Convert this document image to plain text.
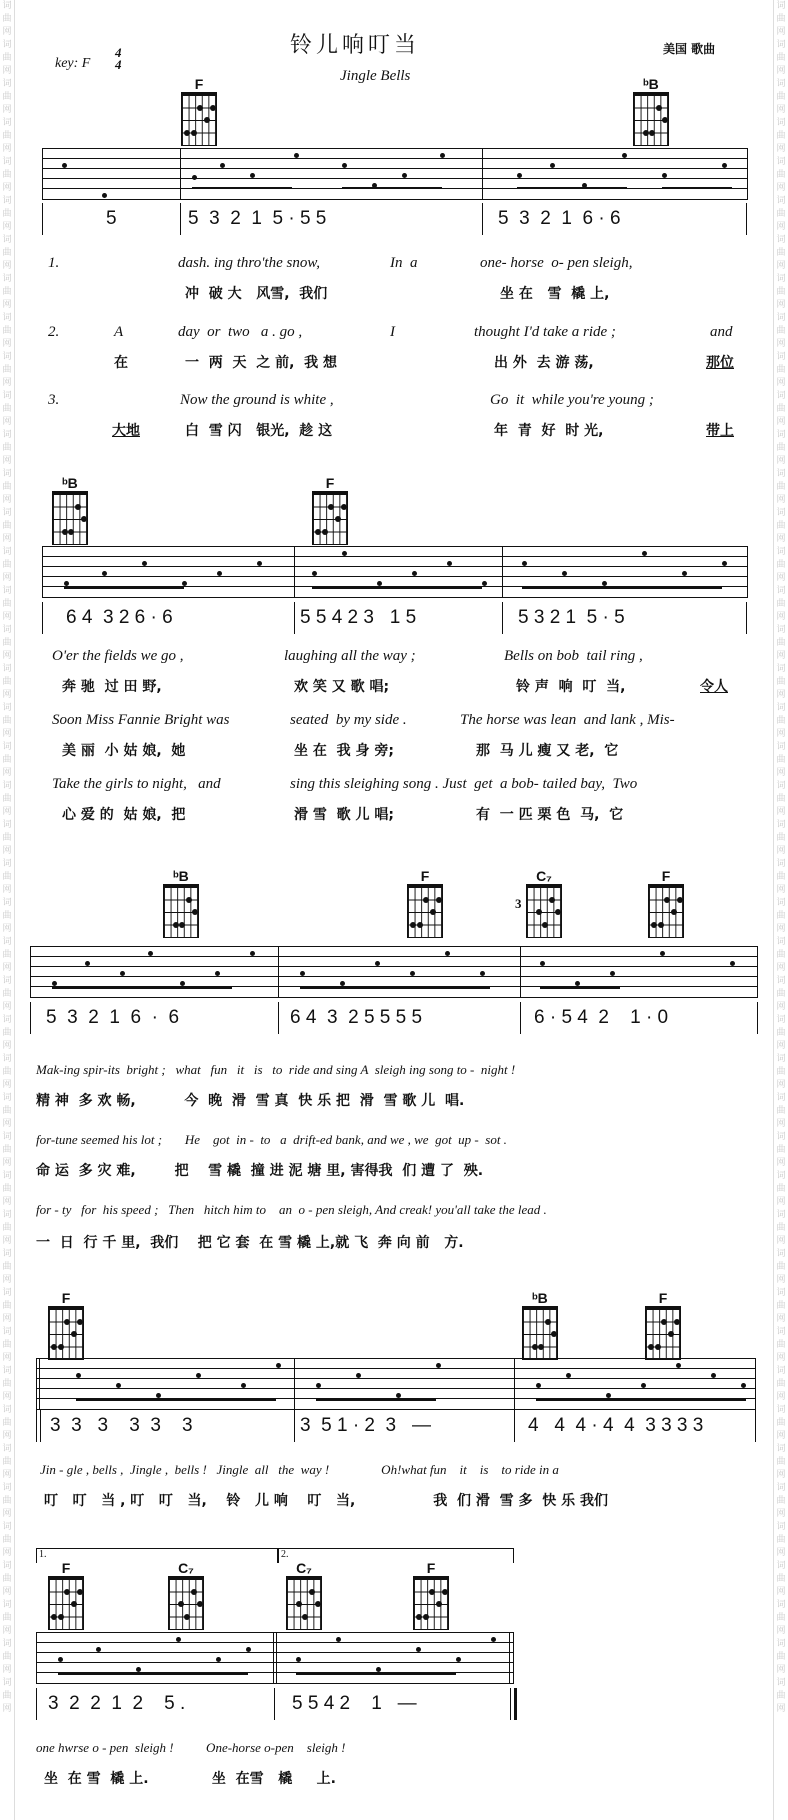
词曲网词曲网词曲网词曲网词曲网词曲网词曲网词曲网词曲网词曲网词曲网词曲网词曲网词曲网词曲网词曲网词曲网词曲网词曲网词曲网词曲网词曲网词曲网词曲网词曲网词曲网词曲网词曲网词曲网词曲网词曲网词曲网词曲网词曲网词曲网词曲网词曲网词曲网词曲网词曲网词曲网词曲网词曲网词曲网
词曲网词曲网词曲网词曲网词曲网词曲网词曲网词曲网词曲网词曲网词曲网词曲网词曲网词曲网词曲网词曲网词曲网词曲网词曲网词曲网词曲网词曲网词曲网词曲网词曲网词曲网词曲网词曲网词曲网词曲网词曲网词曲网词曲网词曲网词曲网词曲网词曲网词曲网词曲网词曲网词曲网词曲网词曲网词曲网
铃儿响叮当	美国 歌曲
Jingle Bells
key: F
4
4
F	ᵇB
5	5  3  2  1  5 · 5 5	5  3  2  1  6 · 6
1.	dash. ing thro'the snow,	In  a	one- horse  o- pen sleigh,
冲  破 大   风雪,  我们	坐 在   雪  橇 上,
2.	A	day  or  two   a . go ,	I	thought I'd take a ride ;	and
在	一  两  天  之 前,  我 想	出 外  去 游 荡,	那位
3.	Now the ground is white ,	Go  it  while you're young ;
大地	白  雪 闪   银光,  趁 这	年  青  好  时 光,	带上
ᵇB	F
6 4  3 2 6 · 6	5 5 4 2 3   1 5	5 3 2 1  5 · 5
O'er the fields we go ,	laughing all the way ;	Bells on bob  tail ring ,
奔 驰  过 田 野,	欢 笑 又 歌 唱;	铃 声  响  叮  当,	令人
Soon Miss Fannie Bright was	seated  by my side .	The horse was lean  and lank , Mis-
美 丽  小 姑 娘,  她	坐 在  我 身 旁;	那  马 儿 瘦 又 老,  它
Take the girls to night,   and	sing this sleighing song . Just  get  a bob- tailed bay,  Two
心 爱 的  姑 娘,  把	滑 雪  歌 儿 唱;	有  一 匹 栗 色  马,  它
ᵇB	F
3
C₇	F
5  3  2  1  6  ·  6	6 4  3  2 5 5 5 5	6 · 5 4  2    1 · 0
Mak-ing spir-its  bright ;   what   fun   it   is   to  ride and sing A  sleigh ing song to -  night !
精 神  多 欢 畅,          今  晚  滑  雪 真  快 乐 把  滑  雪 歌 儿  唱.
for-tune seemed his lot ;       He    got  in -  to   a  drift-ed bank, and we , we  got  up -  sot .
命 运  多 灾 难,        把    雪 橇  撞 进 泥 塘 里, 害得我  们 遭 了  殃.
for - ty   for  his speed ;   Then   hitch him to    an  o - pen sleigh, And creak! you'all take the lead .
一  日  行 千 里,  我们    把 它 套  在 雪 橇 上,就 飞  奔 向 前   方.
F	ᵇB	F
3  3   3    3  3    3	3  5 1 · 2  3   —	4   4  4 · 4  4  3 3 3 3
Jin - gle , bells ,  Jingle ,  bells !   Jingle  all   the  way !                Oh!what fun    it    is    to ride in a
叮   叮   当 , 叮   叮   当,    铃   儿 响    叮   当,                我  们 滑  雪 多  快 乐 我们
1.	2.
F	C₇	C₇	F
3  2  2  1  2    5 .	5 5 4 2    1   —
one hwrse o - pen  sleigh !          One-horse o-pen    sleigh !
坐  在 雪  橇 上.             坐  在雪   橇     上.
